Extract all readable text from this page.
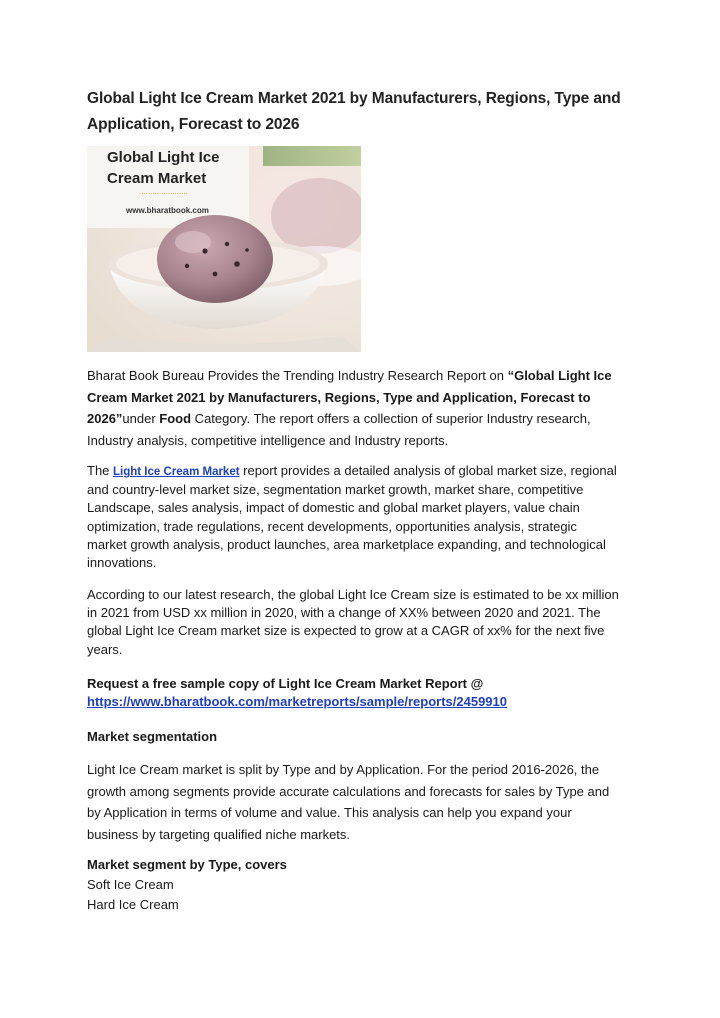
Global Light Ice Cream Market 2021 by Manufacturers, Regions, Type and
Application, Forecast to 2026
Global Light Ice
Cream Market
......................
www.bharatbook.com
Bharat Book Bureau Provides the Trending Industry Research Report on “Global Light Ice
Cream Market 2021 by Manufacturers, Regions, Type and Application, Forecast to
2026”under Food Category. The report offers a collection of superior Industry research,
Industry analysis, competitive intelligence and Industry reports.
The Light Ice Cream Market report provides a detailed analysis of global market size, regional
and country-level market size, segmentation market growth, market share, competitive
Landscape, sales analysis, impact of domestic and global market players, value chain
optimization, trade regulations, recent developments, opportunities analysis, strategic
market growth analysis, product launches, area marketplace expanding, and technological
innovations.
According to our latest research, the global Light Ice Cream size is estimated to be xx million
in 2021 from USD xx million in 2020, with a change of XX% between 2020 and 2021. The
global Light Ice Cream market size is expected to grow at a CAGR of xx% for the next five
years.
Request a free sample copy of Light Ice Cream Market Report @
https://www.bharatbook.com/marketreports/sample/reports/2459910
Market segmentation
Light Ice Cream market is split by Type and by Application. For the period 2016-2026, the
growth among segments provide accurate calculations and forecasts for sales by Type and
by Application in terms of volume and value. This analysis can help you expand your
business by targeting qualified niche markets.
Market segment by Type, covers
Soft Ice Cream
Hard Ice Cream
